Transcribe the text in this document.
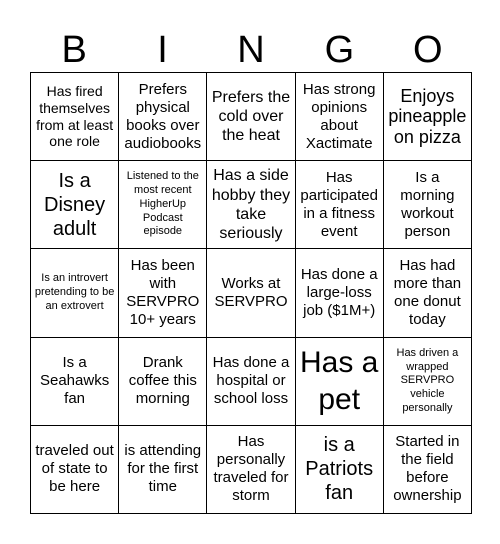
B	I	N	G	O
Has fired themselves from at least one role
Prefers physical books over audiobooks
Prefers the cold over the heat
Has strong opinions about Xactimate
Enjoys pineapple on pizza
Is a Disney adult
Listened to the most recent HigherUp Podcast episode
Has a side hobby they take seriously
Has participated in a fitness event
Is a morning workout person
Is an introvert pretending to be an extrovert
Has been with SERVPRO 10+ years
Works at SERVPRO
Has done a large-loss job ($1M+)
Has had more than one donut today
Is a Seahawks fan
Drank coffee this morning
Has done a hospital or school loss
Has a pet
Has driven a wrapped SERVPRO vehicle personally
traveled out of state to be here
is attending for the first time
Has personally traveled for storm
is a Patriots fan
Started in the field before ownership
